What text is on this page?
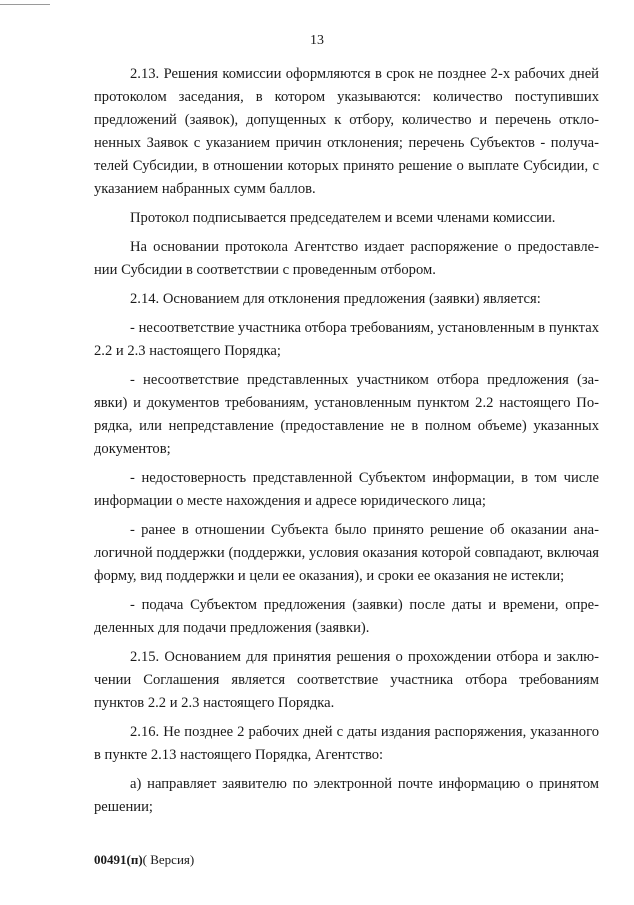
13

2.13. Решения комиссии оформляются в срок не позднее 2-х рабочих дней протоколом заседания, в котором указываются: количество поступивших предложений (заявок), допущенных к отбору, количество и перечень отклоненных Заявок с указанием причин отклонения; перечень Субъектов - получателей Субсидии, в отношении которых принято решение о выплате Субсидии, с указанием набранных сумм баллов.

Протокол подписывается председателем и всеми членами комиссии.

На основании протокола Агентство издает распоряжение о предоставлении Субсидии в соответствии с проведенным отбором.

2.14. Основанием для отклонения предложения (заявки) является:

- несоответствие участника отбора требованиям, установленным в пунктах 2.2 и 2.3 настоящего Порядка;

- несоответствие представленных участником отбора предложения (заявки) и документов требованиям, установленным пунктом 2.2 настоящего Порядка, или непредставление (предоставление не в полном объеме) указанных документов;

- недостоверность представленной Субъектом информации, в том числе информации о месте нахождения и адресе юридического лица;

- ранее в отношении Субъекта было принято решение об оказании аналогичной поддержки (поддержки, условия оказания которой совпадают, включая форму, вид поддержки и цели ее оказания), и сроки ее оказания не истекли;

- подача Субъектом предложения (заявки) после даты и времени, определенных для подачи предложения (заявки).

2.15. Основанием для принятия решения о прохождении отбора и заключении Соглашения является соответствие участника отбора требованиям пунктов 2.2 и 2.3 настоящего Порядка.

2.16. Не позднее 2 рабочих дней с даты издания распоряжения, указанного в пункте 2.13 настоящего Порядка, Агентство:

а) направляет заявителю по электронной почте информацию о принятом решении;

00491(п)( Версия)
